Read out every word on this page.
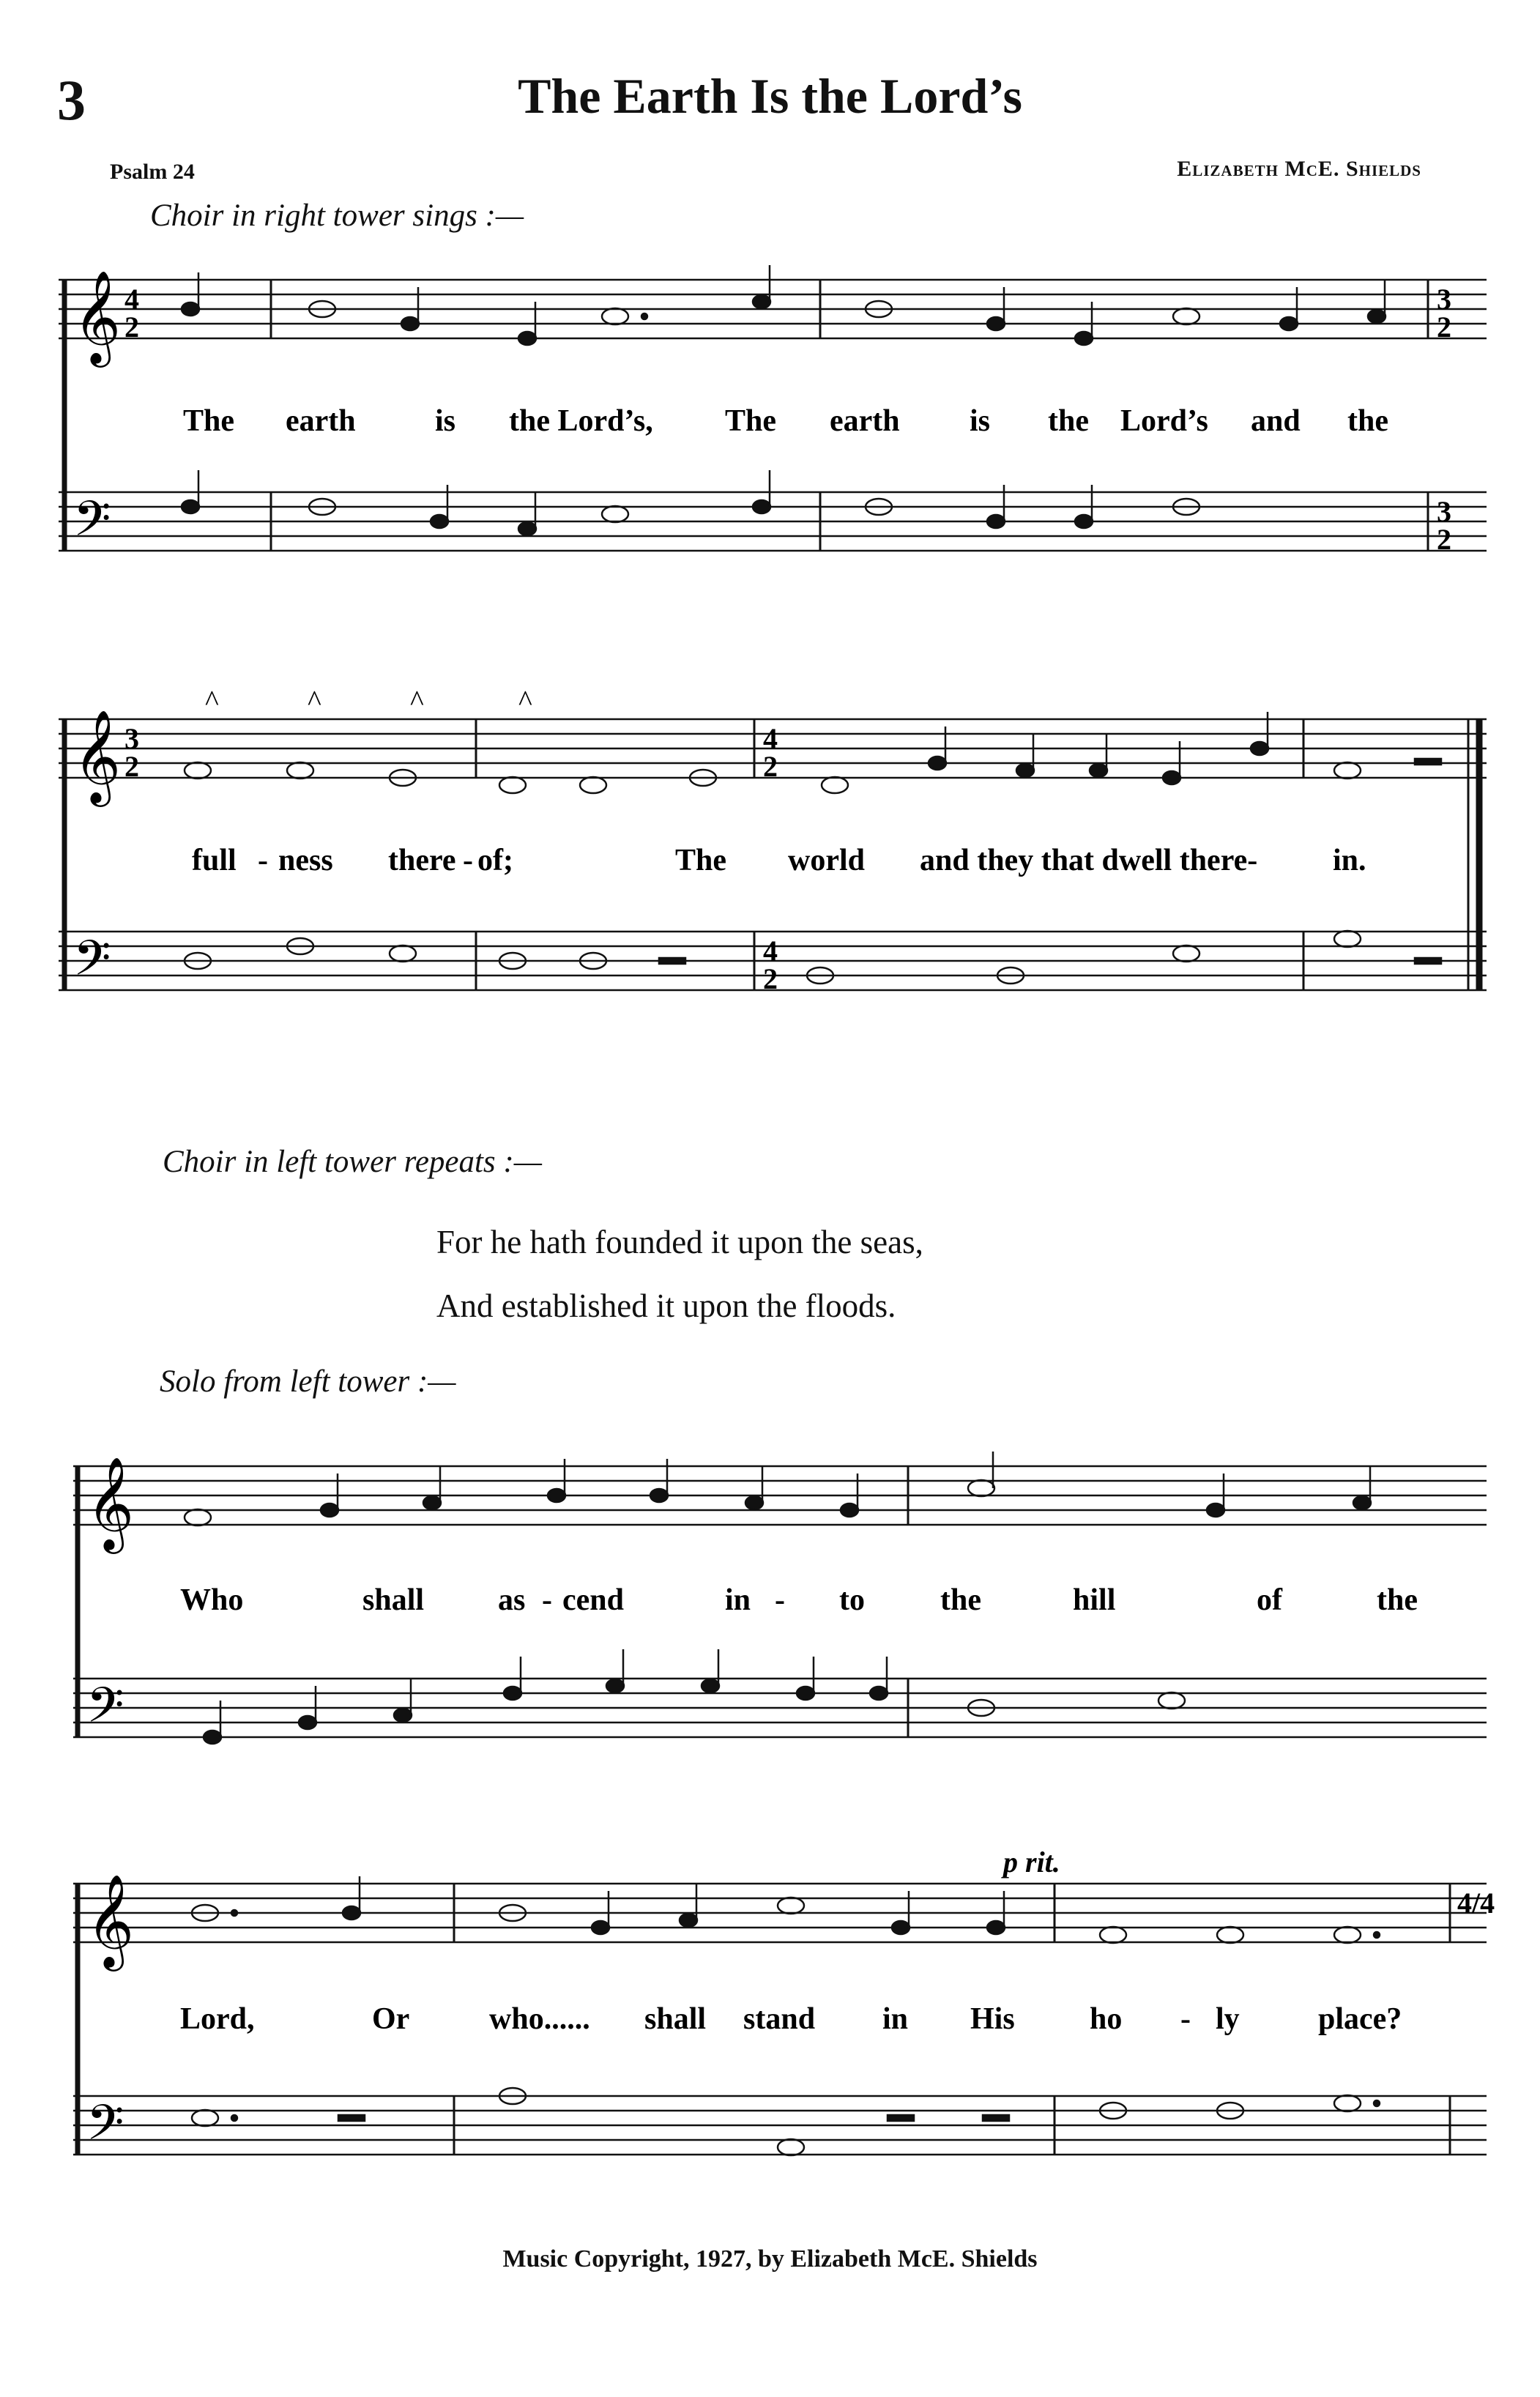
3	The Earth Is the Lord’s
Psalm 24	Elizabeth McE. Shields
Choir in right tower sings :—
𝄞
𝄢
4
2
3
2
3
2
The earth	is the Lord’s, The earth is the Lord’s and the
𝄞
𝄢
3
2
^	^	^	^
4
2
4
2
full - ness there - of;	The world and they that dwell there- in.
Choir in left tower repeats :—
For he hath founded it upon the seas,
And established it upon the floods.
Solo from left tower :—
𝄞
𝄢
Who	shall as - cend	in - to the	hill	of	the
p rit.
𝄞
𝄢
4/4
Lord,	Or	who...... shall stand in His ho - ly	place?
Music Copyright, 1927, by Elizabeth McE. Shields
